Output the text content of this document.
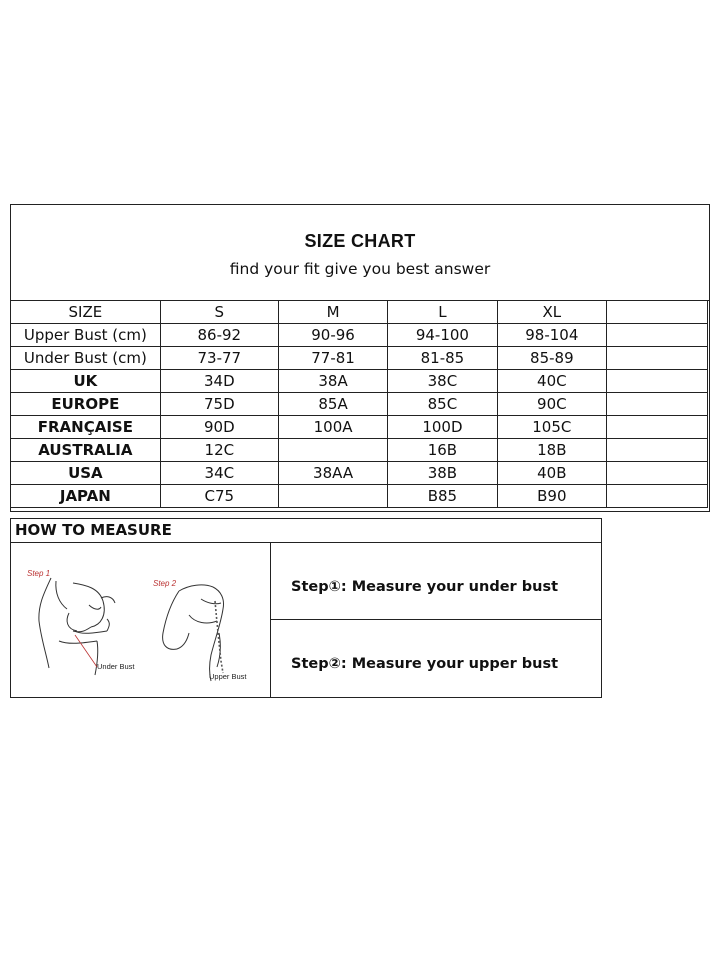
SIZE CHART
find your fit give you best answer
SIZE	S	M	L	XL	
Upper Bust (cm)	86-92	90-96	94-100	98-104	
Under Bust (cm)	73-77	77-81	81-85	85-89	
UK	34D	38A	38C	40C	
EUROPE	75D	85A	85C	90C	
FRANÇAISE	90D	100A	100D	105C	
AUSTRALIA	12C		16B	18B	
USA	34C	38AA	38B	40B	
JAPAN	C75		B85	B90	
HOW TO MEASURE
Step 1
Step 2
Under Bust
Upper Bust
Step①: Measure your under bust
Step②: Measure your upper bust
